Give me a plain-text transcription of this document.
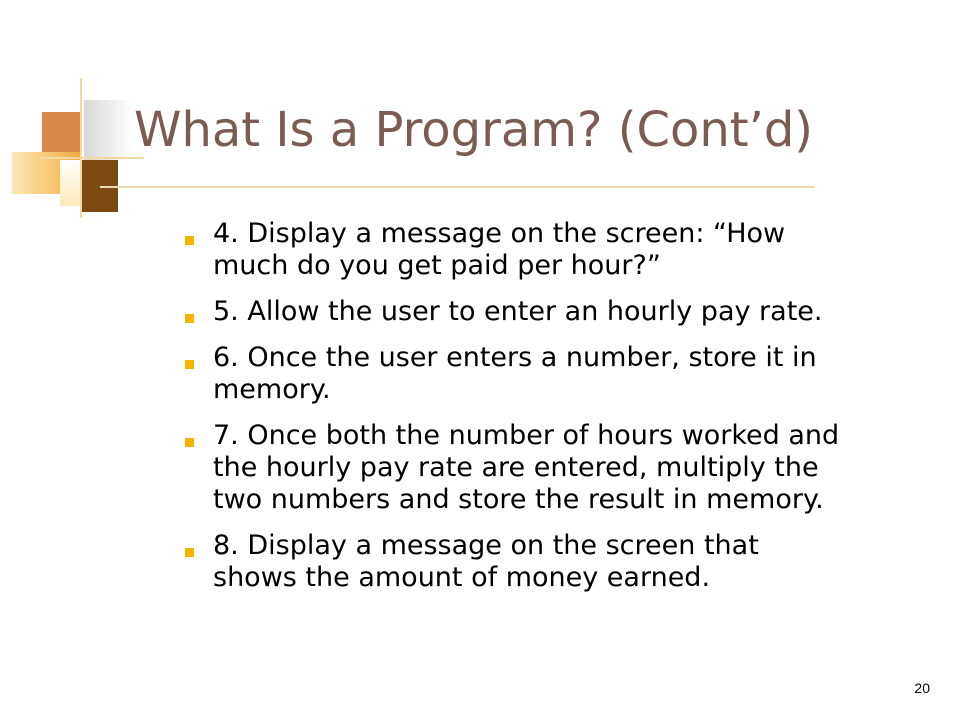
What Is a Program? (Cont’d)
4. Display a message on the screen: “How
much do you get paid per hour?”
5. Allow the user to enter an hourly pay rate.
6. Once the user enters a number, store it in
memory.
7. Once both the number of hours worked and
the hourly pay rate are entered, multiply the
two numbers and store the result in memory.
8. Display a message on the screen that
shows the amount of money earned.
20
